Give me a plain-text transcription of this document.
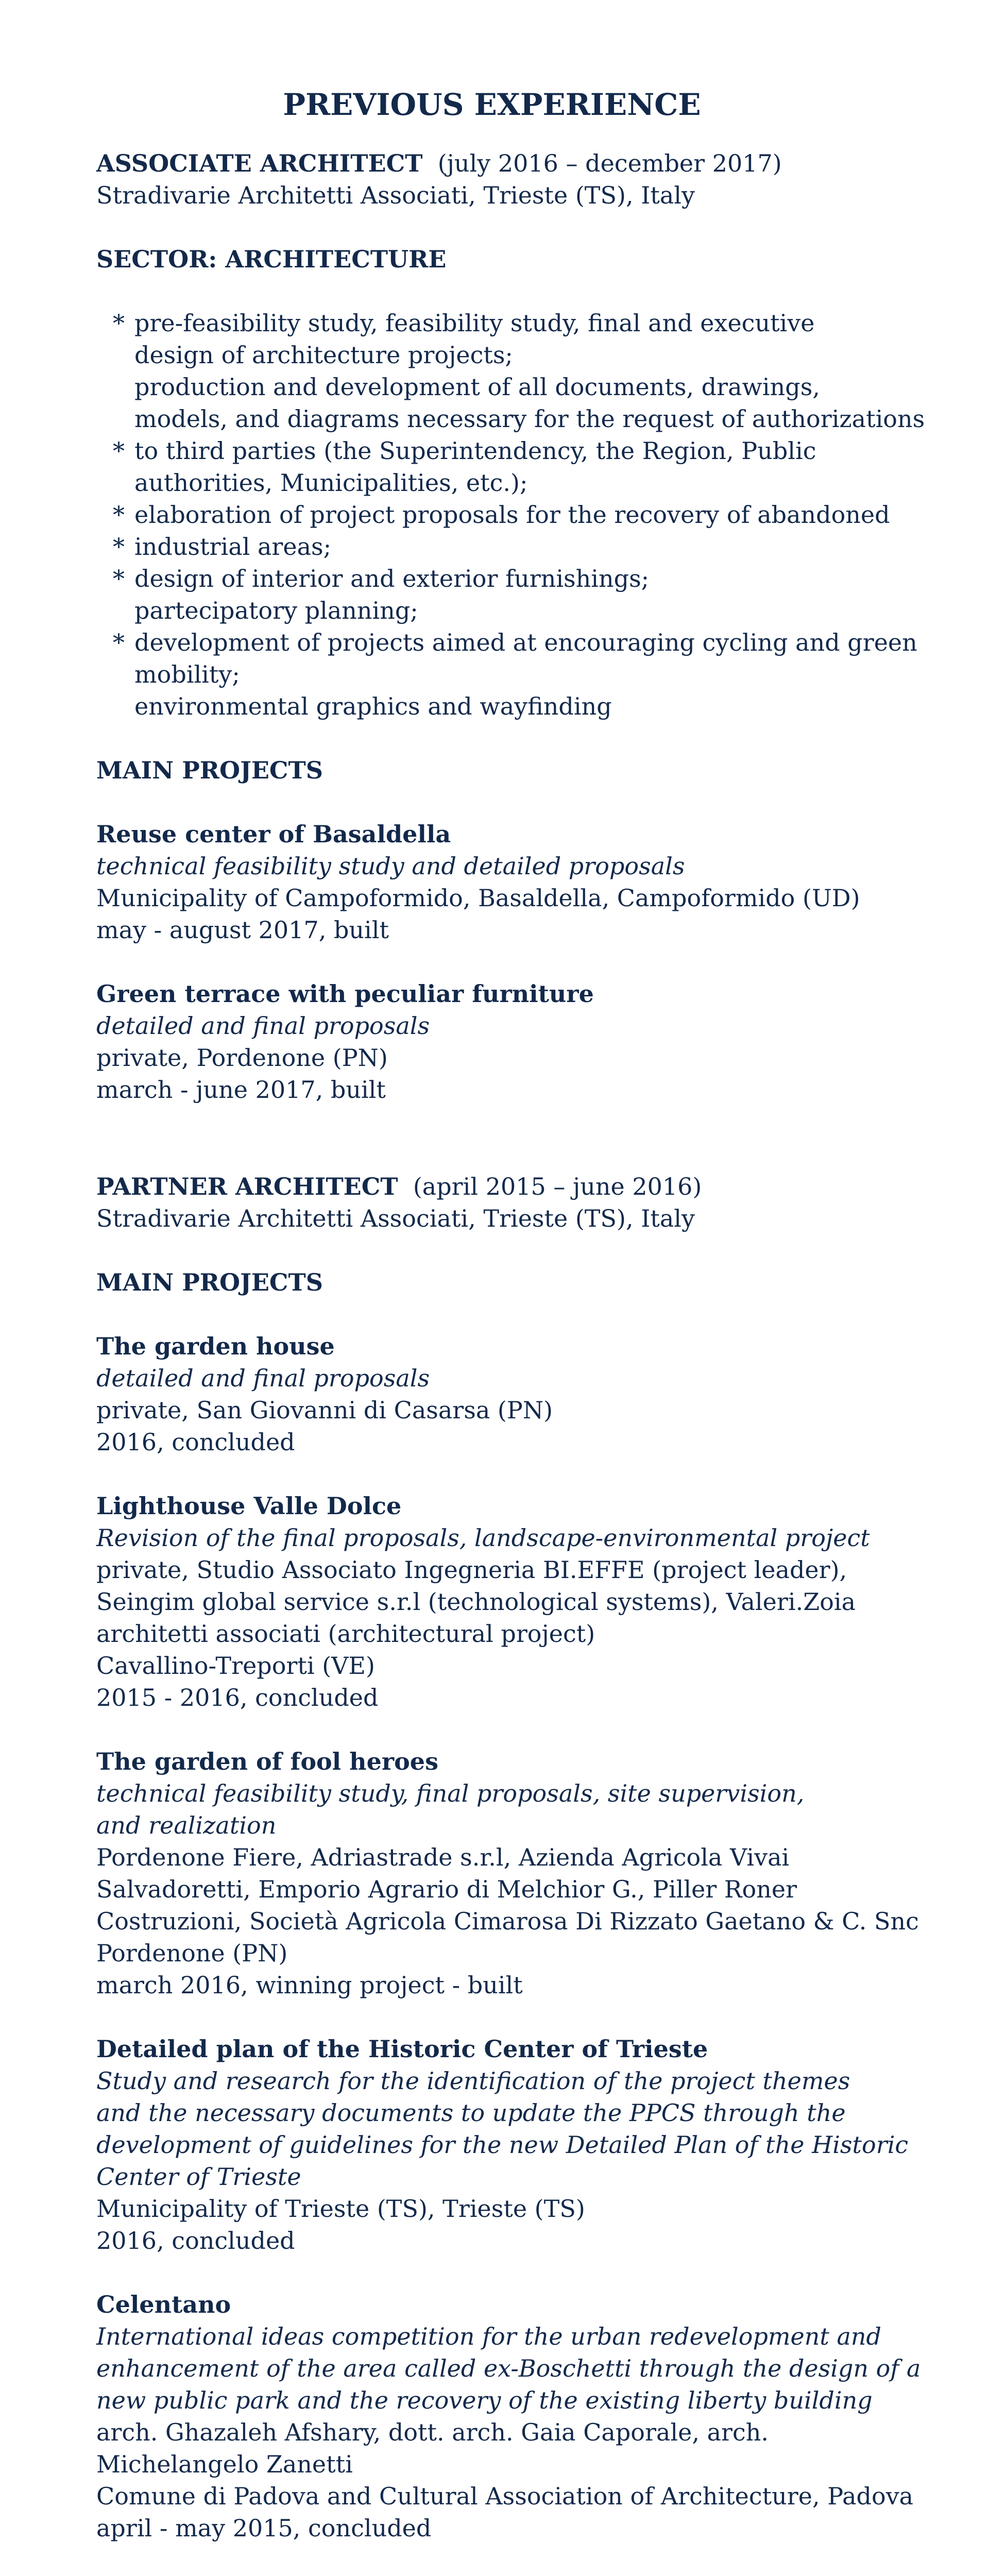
PREVIOUS EXPERIENCE
ASSOCIATE ARCHITECT (july 2016 – december 2017)
Stradivarie Architetti Associati, Trieste (TS), Italy
SECTOR: ARCHITECTURE
* pre-feasibility study, feasibility study, final and executive
design of architecture projects;
production and development of all documents, drawings,
models, and diagrams necessary for the request of authorizations
* to third parties (the Superintendency, the Region, Public
authorities, Municipalities, etc.);
* elaboration of project proposals for the recovery of abandoned
* industrial areas;
* design of interior and exterior furnishings;
partecipatory planning;
* development of projects aimed at encouraging cycling and green
mobility;
environmental graphics and wayfinding
MAIN PROJECTS
Reuse center of Basaldella
technical feasibility study and detailed proposals
Municipality of Campoformido, Basaldella, Campoformido (UD)
may - august 2017, built
Green terrace with peculiar furniture
detailed and final proposals
private, Pordenone (PN)
march - june 2017, built
PARTNER ARCHITECT (april 2015 – june 2016)
Stradivarie Architetti Associati, Trieste (TS), Italy
MAIN PROJECTS
The garden house
detailed and final proposals
private, San Giovanni di Casarsa (PN)
2016, concluded
Lighthouse Valle Dolce
Revision of the final proposals, landscape-environmental project
private, Studio Associato Ingegneria BI.EFFE (project leader),
Seingim global service s.r.l (technological systems), Valeri.Zoia
architetti associati (architectural project)
Cavallino-Treporti (VE)
2015 - 2016, concluded
The garden of fool heroes
technical feasibility study, final proposals, site supervision,
and realization
Pordenone Fiere, Adriastrade s.r.l, Azienda Agricola Vivai
Salvadoretti, Emporio Agrario di Melchior G., Piller Roner
Costruzioni, Società Agricola Cimarosa Di Rizzato Gaetano & C. Snc
Pordenone (PN)
march 2016, winning project - built
Detailed plan of the Historic Center of Trieste
Study and research for the identification of the project themes
and the necessary documents to update the PPCS through the
development of guidelines for the new Detailed Plan of the Historic
Center of Trieste
Municipality of Trieste (TS), Trieste (TS)
2016, concluded
Celentano
International ideas competition for the urban redevelopment and
enhancement of the area called ex-Boschetti through the design of a
new public park and the recovery of the existing liberty building
arch. Ghazaleh Afshary, dott. arch. Gaia Caporale, arch.
Michelangelo Zanetti
Comune di Padova and Cultural Association of Architecture, Padova
april - may 2015, concluded
